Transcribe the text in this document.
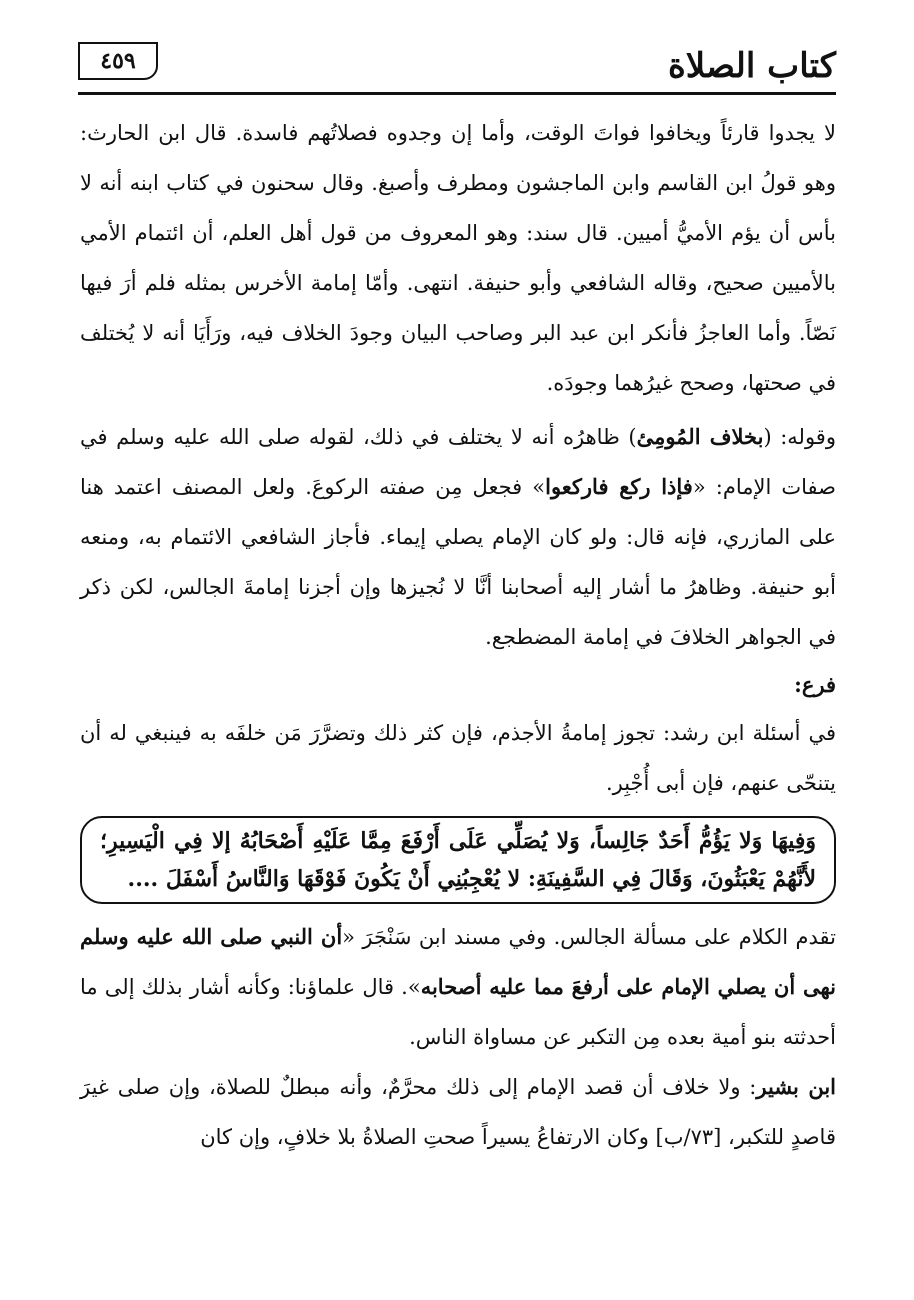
كتاب الصلاة
٤٥٩

لا يجدوا قارئاً ويخافوا فواتَ الوقت، وأما إن وجدوه فصلاتُهم فاسدة. قال ابن الحارث: وهو قولُ ابن القاسم وابن الماجشون ومطرف وأصبغ. وقال سحنون في كتاب ابنه أنه لا بأس أن يؤم الأميُّ أميين. قال سند: وهو المعروف من قول أهل العلم، أن ائتمام الأمي بالأميين صحيح، وقاله الشافعي وأبو حنيفة. انتهى. وأمّا إمامة الأخرس بمثله فلم أرَ فيها نَصّاً. وأما العاجزُ فأنكر ابن عبد البر وصاحب البيان وجودَ الخلاف فيه، ورَأَيَا أنه لا يُختلف في صحتها، وصحح غيرُهما وجودَه.

وقوله: (بخلاف المُومِئ) ظاهرُه أنه لا يختلف في ذلك، لقوله صلى الله عليه وسلم في صفات الإمام: «فإذا ركع فاركعوا» فجعل مِن صفته الركوعَ. ولعل المصنف اعتمد هنا على المازري، فإنه قال: ولو كان الإمام يصلي إيماء. فأجاز الشافعي الائتمام به، ومنعه أبو حنيفة. وظاهرُ ما أشار إليه أصحابنا أنَّا لا نُجيزها وإن أجزنا إمامةَ الجالس، لكن ذكر في الجواهر الخلافَ في إمامة المضطجع.

فرع:

في أسئلة ابن رشد: تجوز إمامةُ الأجذم، فإن كثر ذلك وتضرَّرَ مَن خلفَه به فينبغي له أن يتنحّى عنهم، فإن أبى أُجْبِر.

وَفِيهَا وَلا يَؤُمُّ أَحَدٌ جَالِساً، وَلا يُصَلِّي عَلَى أَرْفَعَ مِمَّا عَلَيْهِ أَصْحَابُهُ إلا فِي الْيَسِيرِ؛ لأَنَّهُمْ يَعْبَثُونَ، وَقَالَ فِي السَّفِينَةِ: لا يُعْجِبُنِي أَنْ يَكُونَ فَوْقَهَا وَالنَّاسُ أَسْفَلَ ....

تقدم الكلام على مسألة الجالس. وفي مسند ابن سَنْجَرَ «أن النبي صلى الله عليه وسلم نهى أن يصلي الإمام على أرفعَ مما عليه أصحابه». قال علماؤنا: وكأنه أشار بذلك إلى ما أحدثته بنو أمية بعده مِن التكبر عن مساواة الناس.

ابن بشير: ولا خلاف أن قصد الإمام إلى ذلك محرَّمٌ، وأنه مبطلٌ للصلاة، وإن صلى غيرَ قاصدٍ للتكبر، [٧٣/ب] وكان الارتفاعُ يسيراً صحتِ الصلاةُ بلا خلافٍ، وإن كان
